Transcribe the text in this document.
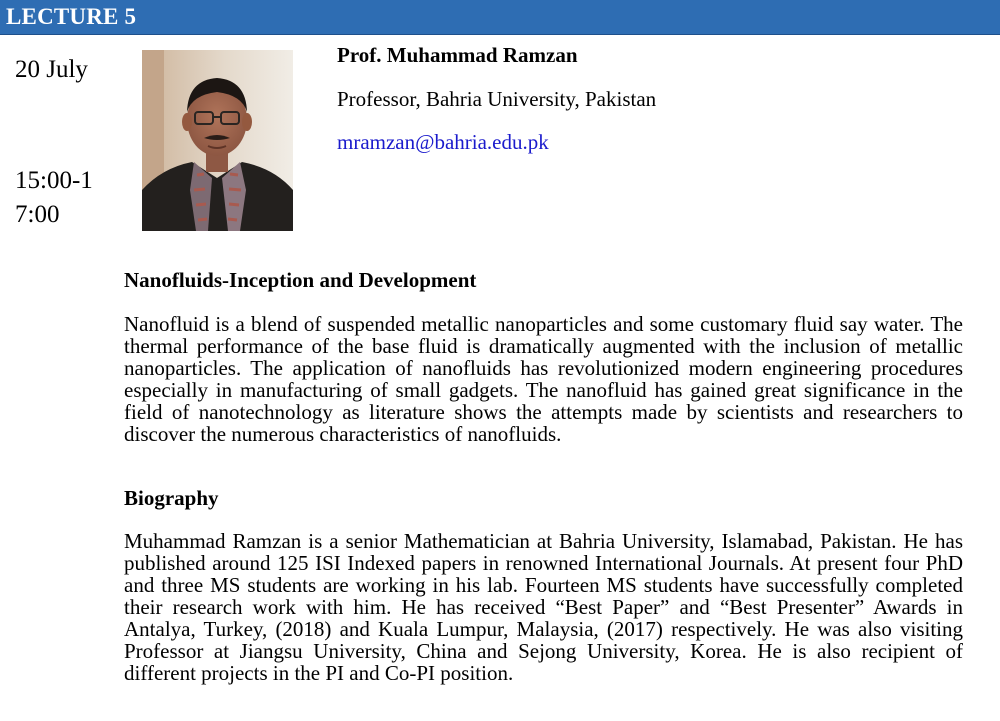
LECTURE 5
20 July
15:00-1
7:00
Prof. Muhammad Ramzan
Professor, Bahria University, Pakistan
mramzan@bahria.edu.pk
Nanofluids-Inception and Development

Nanofluid is a blend of suspended metallic nanoparticles and some customary fluid say water. The thermal performance of the base fluid is dramatically augmented with the inclusion of metallic nanoparticles. The application of nanofluids has revolutionized modern engineering procedures especially in manufacturing of small gadgets. The nanofluid has gained great significance in the field of nanotechnology as literature shows the attempts made by scientists and researchers to discover the numerous characteristics of nanofluids.

Biography

Muhammad Ramzan is a senior Mathematician at Bahria University, Islamabad, Pakistan. He has published around 125 ISI Indexed papers in renowned International Journals. At present four PhD and three MS students are working in his lab. Fourteen MS students have successfully completed their research work with him. He has received “Best Paper” and “Best Presenter” Awards in Antalya, Turkey, (2018) and Kuala Lumpur, Malaysia, (2017) respectively. He was also visiting Professor at Jiangsu University, China and Sejong University, Korea. He is also recipient of different projects in the PI and Co-PI position.
